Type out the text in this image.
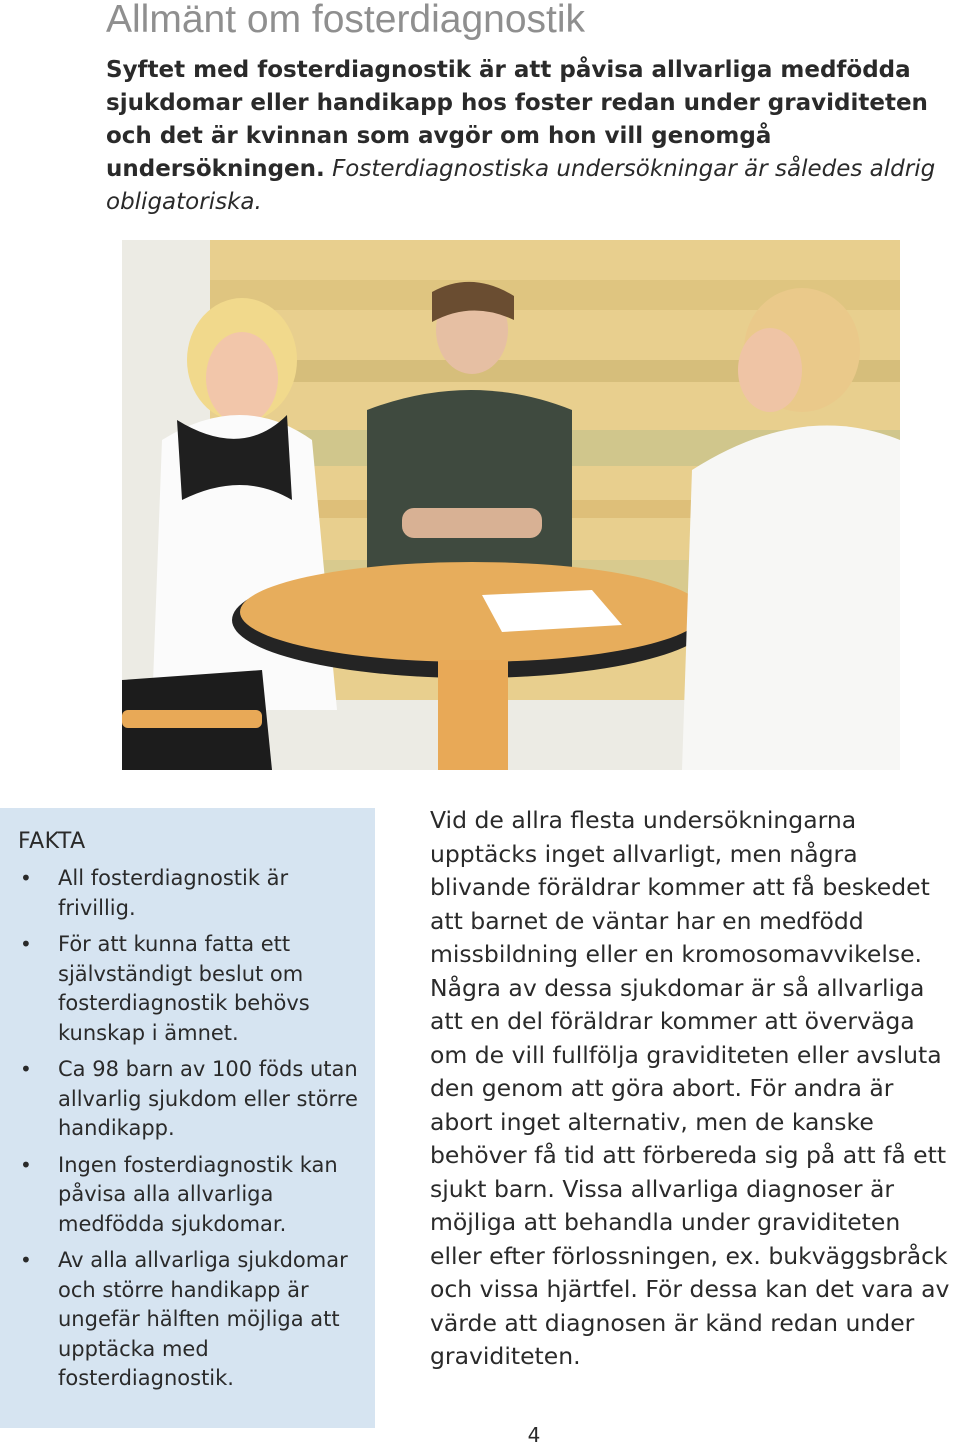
Allmänt om fosterdiagnostik
Syftet med fosterdiagnostik är att påvisa allvarliga medfödda sjukdomar eller handikapp hos foster redan under graviditeten och det är kvinnan som avgör om hon vill genomgå undersökningen. Fosterdiagnostiska undersökningar är således aldrig obligatoriska.
FAKTA
• All fosterdiagnostik är frivillig.
• För att kunna fatta ett självständigt beslut om fosterdiagnostik behövs kunskap i ämnet.
• Ca 98 barn av 100 föds utan allvarlig sjukdom eller större handikapp.
• Ingen fosterdiagnostik kan påvisa alla allvarliga medfödda sjukdomar.
• Av alla allvarliga sjukdomar och större handikapp är ungefär hälften möjliga att upptäcka med fosterdiagnostik.

Vid de allra flesta undersökningarna upptäcks inget allvarligt, men några blivande föräldrar kommer att få beskedet att barnet de väntar har en medfödd missbildning eller en kromosomavvikelse. Några av dessa sjukdomar är så allvarliga att en del föräldrar kommer att överväga om de vill fullfölja graviditeten eller avsluta den genom att göra abort. För andra är abort inget alternativ, men de kanske behöver få tid att förbereda sig på att få ett sjukt barn. Vissa allvarliga diagnoser är möjliga att behandla under graviditeten eller efter förlossningen, ex. bukväggsbråck och vissa hjärtfel. För dessa kan det vara av värde att diagnosen är känd redan under graviditeten.

4
